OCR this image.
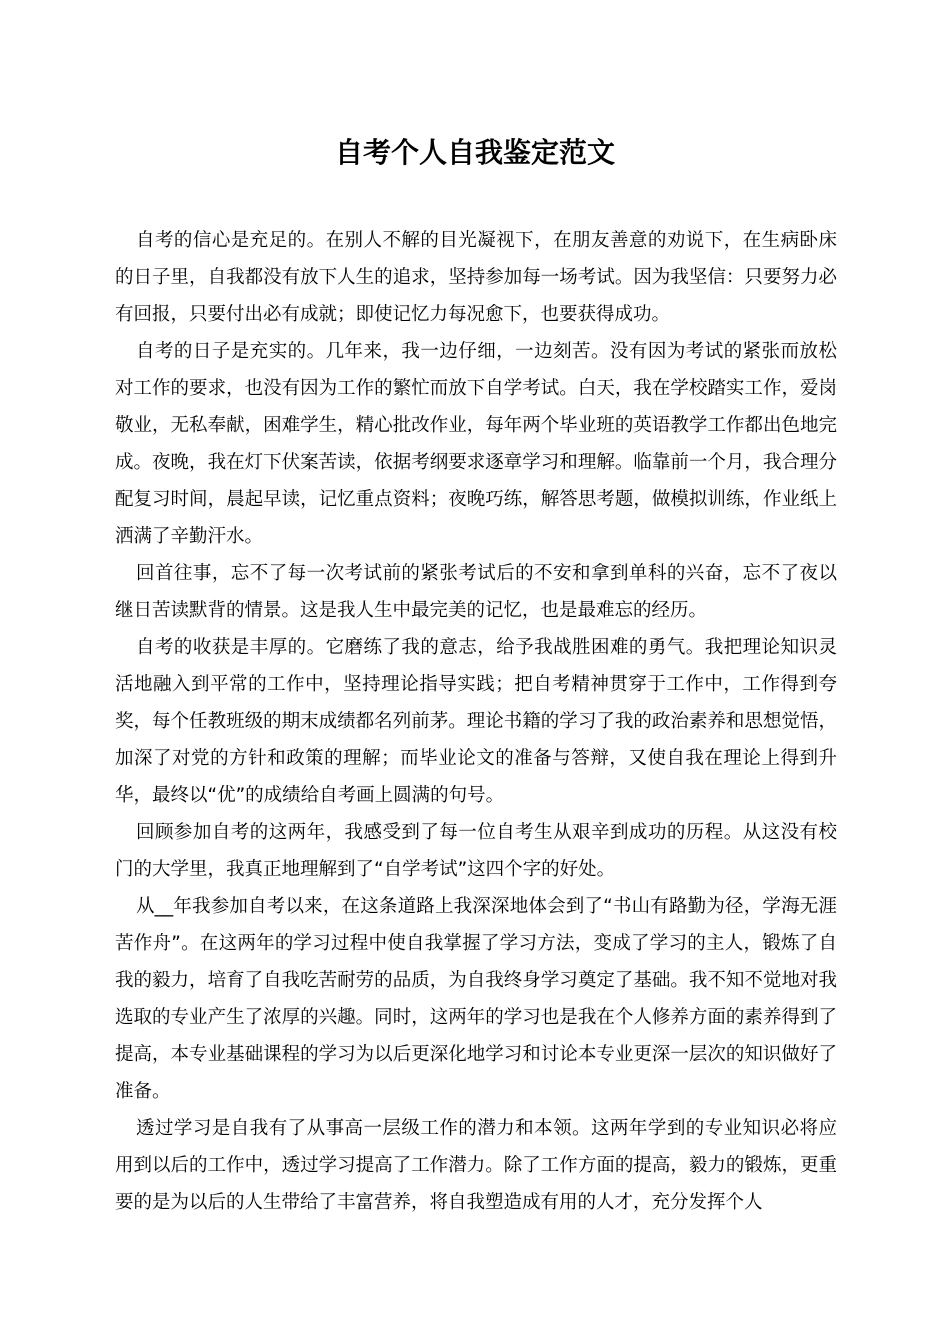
自考个人自我鉴定范文

自考的信心是充足的。在别人不解的目光凝视下，在朋友善意的劝说下，在生病卧床的日子里，自我都没有放下人生的追求，坚持参加每一场考试。因为我坚信：只要努力必有回报，只要付出必有成就；即使记忆力每况愈下，也要获得成功。

自考的日子是充实的。几年来，我一边仔细，一边刻苦。没有因为考试的紧张而放松对工作的要求，也没有因为工作的繁忙而放下自学考试。白天，我在学校踏实工作，爱岗敬业，无私奉献，困难学生，精心批改作业，每年两个毕业班的英语教学工作都出色地完成。夜晚，我在灯下伏案苦读，依据考纲要求逐章学习和理解。临靠前一个月，我合理分配复习时间，晨起早读，记忆重点资料；夜晚巧练，解答思考题，做模拟训练，作业纸上洒满了辛勤汗水。

回首往事，忘不了每一次考试前的紧张考试后的不安和拿到单科的兴奋，忘不了夜以继日苦读默背的情景。这是我人生中最完美的记忆，也是最难忘的经历。

自考的收获是丰厚的。它磨练了我的意志，给予我战胜困难的勇气。我把理论知识灵活地融入到平常的工作中，坚持理论指导实践；把自考精神贯穿于工作中，工作得到夸奖，每个任教班级的期末成绩都名列前茅。理论书籍的学习了我的政治素养和思想觉悟，加深了对党的方针和政策的理解；而毕业论文的准备与答辩，又使自我在理论上得到升华，最终以“优”的成绩给自考画上圆满的句号。

回顾参加自考的这两年，我感受到了每一位自考生从艰辛到成功的历程。从这没有校门的大学里，我真正地理解到了“自学考试”这四个字的好处。

从__年我参加自考以来，在这条道路上我深深地体会到了“书山有路勤为径，学海无涯苦作舟”。在这两年的学习过程中使自我掌握了学习方法，变成了学习的主人，锻炼了自我的毅力，培育了自我吃苦耐劳的品质，为自我终身学习奠定了基础。我不知不觉地对我选取的专业产生了浓厚的兴趣。同时，这两年的学习也是我在个人修养方面的素养得到了提高，本专业基础课程的学习为以后更深化地学习和讨论本专业更深一层次的知识做好了准备。

透过学习是自我有了从事高一层级工作的潜力和本领。这两年学到的专业知识必将应用到以后的工作中，透过学习提高了工作潜力。除了工作方面的提高，毅力的锻炼，更重要的是为以后的人生带给了丰富营养，将自我塑造成有用的人才，充分发挥个人
